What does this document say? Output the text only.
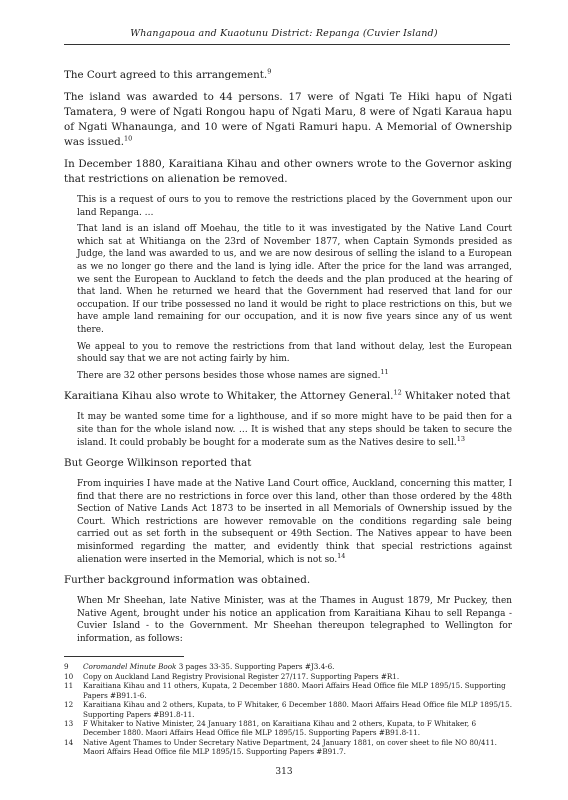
Whangapoua and Kuaotunu District: Repanga (Cuvier Island)

The Court agreed to this arrangement.$^9$

The island was awarded to 44 persons. 17 were of Ngati Te Hiki hapu of Ngati Tamatera, 9 were of Ngati Rongou hapu of Ngati Maru, 8 were of Ngati Karaua hapu of Ngati Whanaunga, and 10 were of Ngati Ramuri hapu. A Memorial of Ownership was issued.$^{10}$

In December 1880, Karaitiana Kihau and other owners wrote to the Governor asking that restrictions on alienation be removed.

This is a request of ours to you to remove the restrictions placed by the Government upon our land Repanga. …

That land is an island off Moehau, the title to it was investigated by the Native Land Court which sat at Whitianga on the 23rd of November 1877, when Captain Symonds presided as Judge, the land was awarded to us, and we are now desirous of selling the island to a European as we no longer go there and the land is lying idle. After the price for the land was arranged, we sent the European to Auckland to fetch the deeds and the plan produced at the hearing of that land. When he returned we heard that the Government had reserved that land for our occupation. If our tribe possessed no land it would be right to place restrictions on this, but we have ample land remaining for our occupation, and it is now five years since any of us went there.

We appeal to you to remove the restrictions from that land without delay, lest the European should say that we are not acting fairly by him.

There are 32 other persons besides those whose names are signed.$^{11}$

Karaitiana Kihau also wrote to Whitaker, the Attorney General.$^{12}$ Whitaker noted that

It may be wanted some time for a lighthouse, and if so more might have to be paid then for a site than for the whole island now. … It is wished that any steps should be taken to secure the island. It could probably be bought for a moderate sum as the Natives desire to sell.$^{13}$

But George Wilkinson reported that

From inquiries I have made at the Native Land Court office, Auckland, concerning this matter, I find that there are no restrictions in force over this land, other than those ordered by the 48th Section of Native Lands Act 1873 to be inserted in all Memorials of Ownership issued by the Court. Which restrictions are however removable on the conditions regarding sale being carried out as set forth in the subsequent or 49th Section. The Natives appear to have been misinformed regarding the matter, and evidently think that special restrictions against alienation were inserted in the Memorial, which is not so.$^{14}$

Further background information was obtained.

When Mr Sheehan, late Native Minister, was at the Thames in August 1879, Mr Puckey, then Native Agent, brought under his notice an application from Karaitiana Kihau to sell Repanga - Cuvier Island - to the Government. Mr Sheehan thereupon telegraphed to Wellington for information, as follows:

9	Coromandel Minute Book 3 pages 33-35. Supporting Papers #J3.4-6.
10	Copy on Auckland Land Registry Provisional Register 27/117. Supporting Papers #R1.
11	Karaitiana Kihau and 11 others, Kupata, 2 December 1880. Maori Affairs Head Office file MLP 1895/15. Supporting Papers #B91.1-6.
12	Karaitiana Kihau and 2 others, Kupata, to F Whitaker, 6 December 1880. Maori Affairs Head Office file MLP 1895/15. Supporting Papers #B91.8-11.
13	F Whitaker to Native Minister, 24 January 1881, on Karaitiana Kihau and 2 others, Kupata, to F Whitaker, 6 December 1880. Maori Affairs Head Office file MLP 1895/15. Supporting Papers #B91.8-11.
14	Native Agent Thames to Under Secretary Native Department, 24 January 1881, on cover sheet to file NO 80/411. Maori Affairs Head Office file MLP 1895/15. Supporting Papers #B91.7.
313
